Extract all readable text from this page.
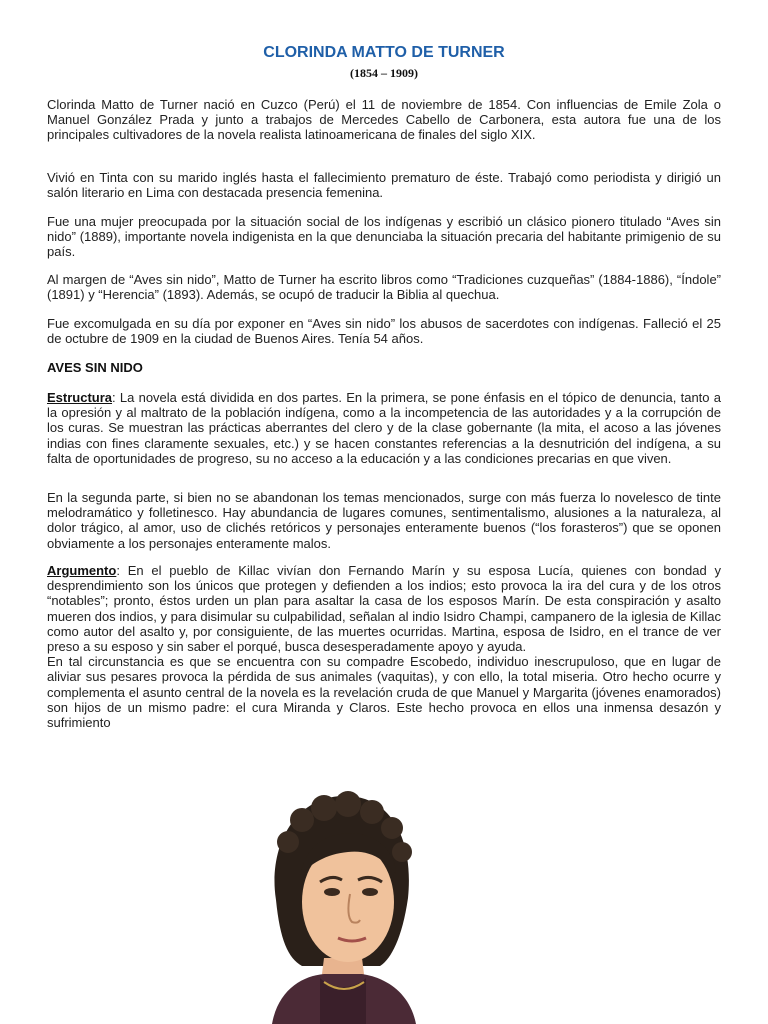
CLORINDA MATTO DE TURNER
(1854 – 1909)

Clorinda Matto de Turner nació en Cuzco (Perú) el 11 de noviembre de 1854. Con influencias de Emile Zola o Manuel González Prada y junto a trabajos de Mercedes Cabello de Carbonera, esta autora fue una de los principales cultivadores de la novela realista latinoamericana de finales del siglo XIX.

Vivió en Tinta con su marido inglés hasta el fallecimiento prematuro de éste. Trabajó como periodista y dirigió un salón literario en Lima con destacada presencia femenina.

Fue una mujer preocupada por la situación social de los indígenas y escribió un clásico pionero titulado “Aves sin nido” (1889), importante novela indigenista en la que denunciaba la situación precaria del habitante primigenio de su país.

Al margen de “Aves sin nido”, Matto de Turner ha escrito libros como “Tradiciones cuzqueñas” (1884-1886), “Índole” (1891) y “Herencia” (1893). Además, se ocupó de traducir la Biblia al quechua.

Fue excomulgada en su día por exponer en “Aves sin nido” los abusos de sacerdotes con indígenas. Falleció el 25 de octubre de 1909 en la ciudad de Buenos Aires. Tenía 54 años.

AVES SIN NIDO

Estructura: La novela está dividida en dos partes. En la primera, se pone énfasis en el tópico de denuncia, tanto a la opresión y al maltrato de la población indígena, como a la incompetencia de las autoridades y a la corrupción de los curas. Se muestran las prácticas aberrantes del clero y de la clase gobernante (la mita, el acoso a las jóvenes indias con fines claramente sexuales, etc.) y se hacen constantes referencias a la desnutrición del indígena, a su falta de oportunidades de progreso, su no acceso a la educación y a las condiciones precarias en que viven.

En la segunda parte, si bien no se abandonan los temas mencionados, surge con más fuerza lo novelesco de tinte melodramático y folletinesco. Hay abundancia de lugares comunes, sentimentalismo, alusiones a la naturaleza, al dolor trágico, al amor, uso de clichés retóricos y personajes enteramente buenos (“los forasteros”) que se oponen obviamente a los personajes enteramente malos.

Argumento: En el pueblo de Killac vivían don Fernando Marín y su esposa Lucía, quienes con bondad y desprendimiento son los únicos que protegen y defienden a los indios; esto provoca la ira del cura y de los otros “notables”; pronto, éstos urden un plan para asaltar la casa de los esposos Marín. De esta conspiración y asalto mueren dos indios, y para disimular su culpabilidad, señalan al indio Isidro Champi, campanero de la iglesia de Killac como autor del asalto y, por consiguiente, de las muertes ocurridas. Martina, esposa de Isidro, en el trance de ver preso a su esposo y sin saber el porqué, busca desesperadamente apoyo y ayuda.

En tal circunstancia es que se encuentra con su compadre Escobedo, individuo inescrupuloso, que en lugar de aliviar sus pesares provoca la pérdida de sus animales (vaquitas), y con ello, la total miseria. Otro hecho ocurre y complementa el asunto central de la novela es la revelación cruda de que Manuel y Margarita (jóvenes enamorados) son hijos de un mismo padre: el cura Miranda y Claros. Este hecho provoca en ellos una inmensa desazón y sufrimiento
